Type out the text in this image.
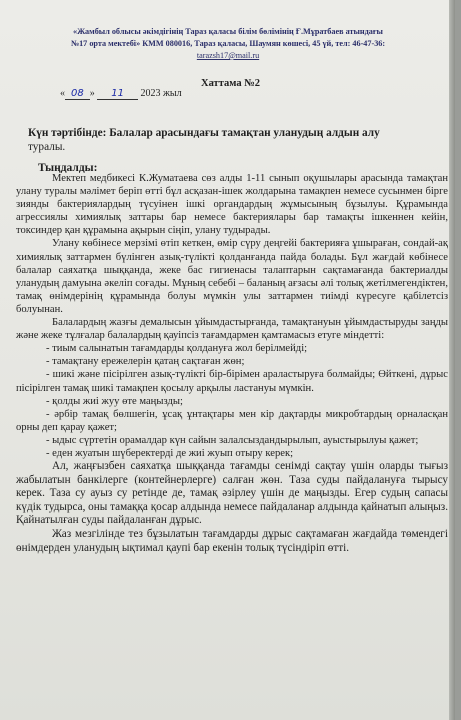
«Жамбыл облысы әкімдігінің Тараз қаласы білім бөлімінің Ғ.Мұратбаев атындағы
№17 орта мектебі» КММ 080016, Тараз қаласы, Шаумян көшесі, 45 үй, тел: 46-47-36:
tarazsh17@mail.ru
Хаттама №2
« 08 » 11 2023 жыл
Күн тәртібінде: Балалар арасындағы тамақтан уланудың алдын алу
туралы.
Тыңдалды:

Мектеп медбикесі К.Жуматаева сөз алды 1-11 сынып оқушылары арасында тамақтан улану туралы мәлімет беріп өтті бұл асқазан-ішек жолдарына тамақпен немесе сусынмен бірге зиянды бактериялардың түсуінен ішкі органдардың жұмысының бұзылуы. Құрамында агрессиялы химиялық заттары бар немесе бактериялары бар тамақты ішкеннен кейін, токсиндер қан құрамына ақырын сіңіп, улану тудырады.

Улану көбінесе мерзімі өтіп кеткен, өмір сүру деңгейі бактерияға ұшыраған, сондай-ақ химиялық заттармен бүлінген азық-түлікті қолданғанда пайда болады. Бұл жағдай көбінесе балалар саяхатқа шыққанда, жеке бас гигиенасы талаптарын сақтамағанда бактериалды уланудың дамуына әкеліп соғады. Мұның себебі – баланың ағзасы әлі толық жетілмегендіктен, тамақ өнімдерінің құрамында болуы мүмкін улы заттармен тиімді күресуге қабілетсіз болуынан.

Балалардың жазғы демалысын ұйымдастырғанда, тамақтануын ұйымдастыруды заңды және жеке тұлғалар балалардың қауіпсіз тағамдармен қамтамасыз етуге міндетті:

- тиым салынатын тағамдарды қолдануға жол берілмейді;

- тамақтану ережелерін қатаң сақтаған жөн;

- шикі және пісірілген азық-түлікті бір-бірімен араластыруға болмайды; Өйткені, дұрыс пісірілген тамақ шикі тамақпен қосылу арқылы ластануы мүмкін.

- қолды жиі жуу өте маңызды;

- әрбір тамақ бөлшегін, ұсақ ұнтақтары мен кір дақтарды микробтардың орналасқан орны деп қарау қажет;

- ыдыс сүртетін орамалдар күн сайын залалсыздандырылып, ауыстырылуы қажет;

- еден жуатын шүберектерді де жиі жуып отыру керек;

Ал, жаңғызбен саяхатқа шыққанда тағамды сенімді сақтау үшін оларды тығыз жабылатын банкілерге (контейнерлерге) салған жөн. Таза суды пайдалануға тырысу керек. Таза су ауыз су ретінде де, тамақ әзірлеу үшін де маңызды. Егер судың сапасы күдік тудырса, оны тамаққа қосар алдында немесе пайдаланар алдында қайнатып алыңыз. Қайнатылған суды пайдаланған дұрыс.

Жаз мезгілінде тез бұзылатын тағамдарды дұрыс сақтамаған жағдайда төмендегі өнімдерден уланудың ықтимал қаупі бар екенін толық түсіндіріп өтті.
